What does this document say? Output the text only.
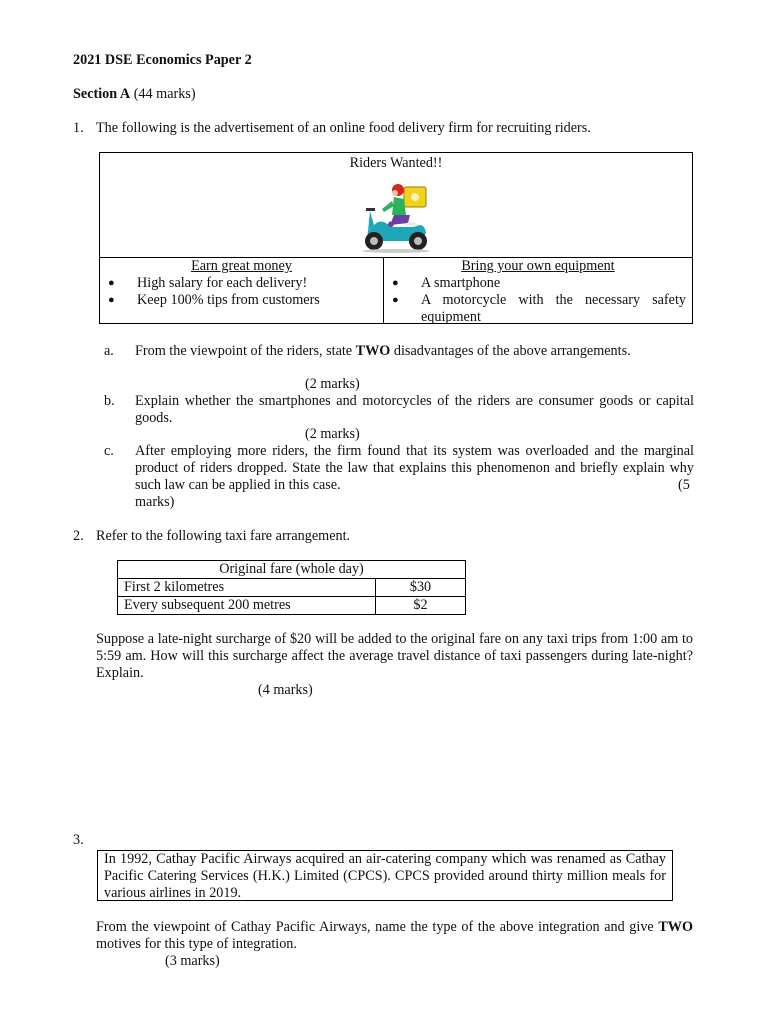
2021 DSE Economics Paper 2
Section A (44 marks)
1. The following is the advertisement of an online food delivery firm for recruiting riders.
Riders Wanted!!
Earn great money
● High salary for each delivery!
● Keep 100% tips from customers
Bring your own equipment
● A smartphone
● A motorcycle with the necessary safety equipment
a. From the viewpoint of the riders, state TWO disadvantages of the above arrangements.
(2 marks)
b. Explain whether the smartphones and motorcycles of the riders are consumer goods or capital goods.
(2 marks)
c. After employing more riders, the firm found that its system was overloaded and the marginal product of riders dropped. State the law that explains this phenomenon and briefly explain why such law can be applied in this case.	(5
marks)
2. Refer to the following taxi fare arrangement.
Original fare (whole day)	
First 2 kilometres	$30
Every subsequent 200 metres	$2
Suppose a late-night surcharge of $20 will be added to the original fare on any taxi trips from 1:00 am to 5:59 am. How will this surcharge affect the average travel distance of taxi passengers during late-night? Explain.
(4 marks)
3.
In 1992, Cathay Pacific Airways acquired an air-catering company which was renamed as Cathay Pacific Catering Services (H.K.) Limited (CPCS). CPCS provided around thirty million meals for various airlines in 2019.
From the viewpoint of Cathay Pacific Airways, name the type of the above integration and give TWO motives for this type of integration.
(3 marks)
